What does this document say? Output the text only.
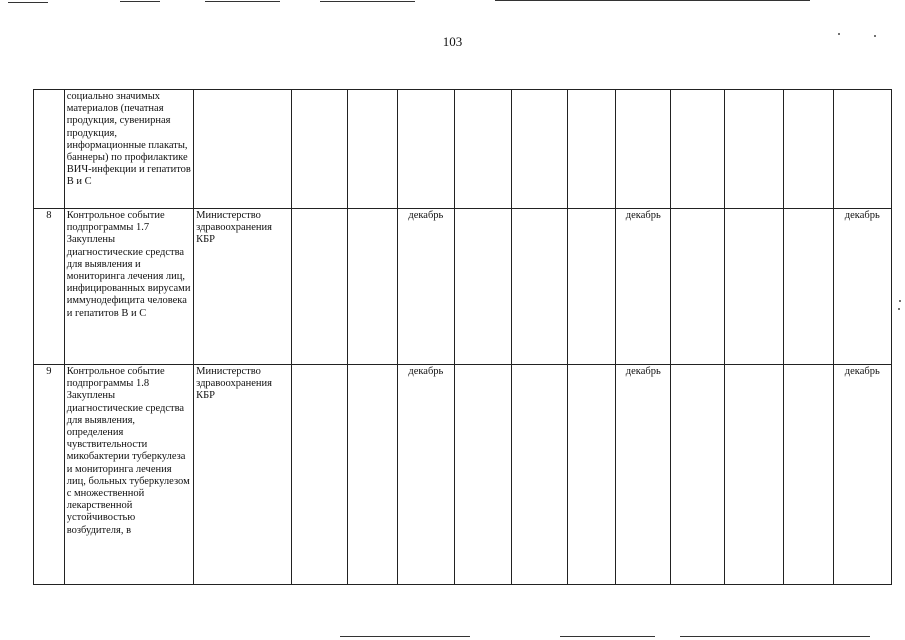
103
	социально значимых материалов (печатная продукция, сувенирная продукция, информационные плакаты, баннеры) по профилактике ВИЧ-инфекции и гепатитов В и С												
8	Контрольное событие подпрограммы 1.7 Закуплены диагностические средства для выявления и мониторинга лечения лиц, инфицированных вирусами иммунодефицита человека и гепатитов В и С	Министерство здравоохранения КБР			декабрь				декабрь				декабрь
9	Контрольное событие подпрограммы 1.8 Закуплены диагностические средства для выявления, определения чувствительности микобактерии туберкулеза и мониторинга лечения лиц, больных туберкулезом с множественной лекарственной устойчивостью возбудителя, в	Министерство здравоохранения КБР			декабрь				декабрь				декабрь
